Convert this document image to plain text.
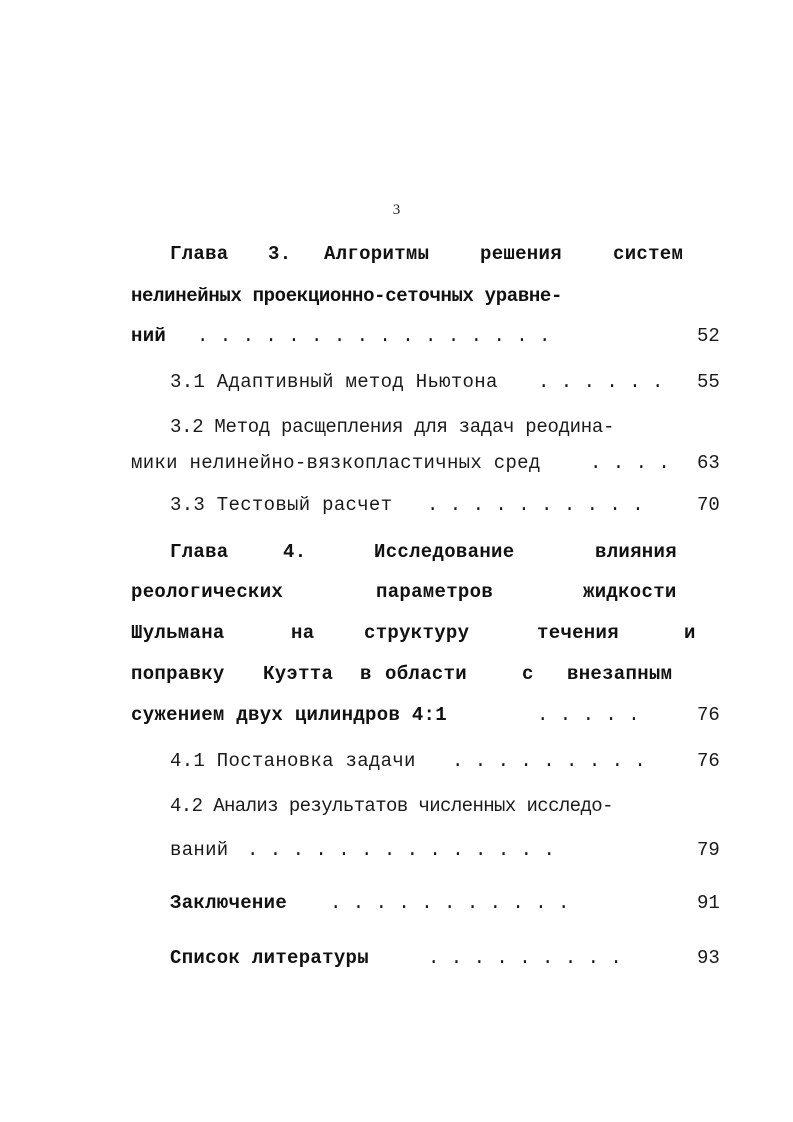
3
Глава 3. Алгоритмы	решения	систем
нелинейных проекционно-сеточных уравне-
ний . . . . . . . . . . . . . . . .	52
3.1 Адаптивный метод Ньютона . . . . . . 55
3.2 Метод расщепления для задач реодина-
мики нелинейно-вязкопластичных сред	. . . . 63
3.3 Тестовый расчет . . . . . . . . . .	70
Глава	4.	Исследование	влияния
реологических	параметров	жидкости
Шульмана	на	структуру	течения	и
поправку Куэтта в области	с внезапным
сужением двух цилиндров 4:1	. . . . .	76
4.1 Постановка задачи . . . . . . . . .	76
4.2 Анализ результатов численных исследо-
ваний . . . . . . . . . . . . . .	79
Заключение . . . . . . . . . . .	91
Список литературы	. . . . . . . . .	93
